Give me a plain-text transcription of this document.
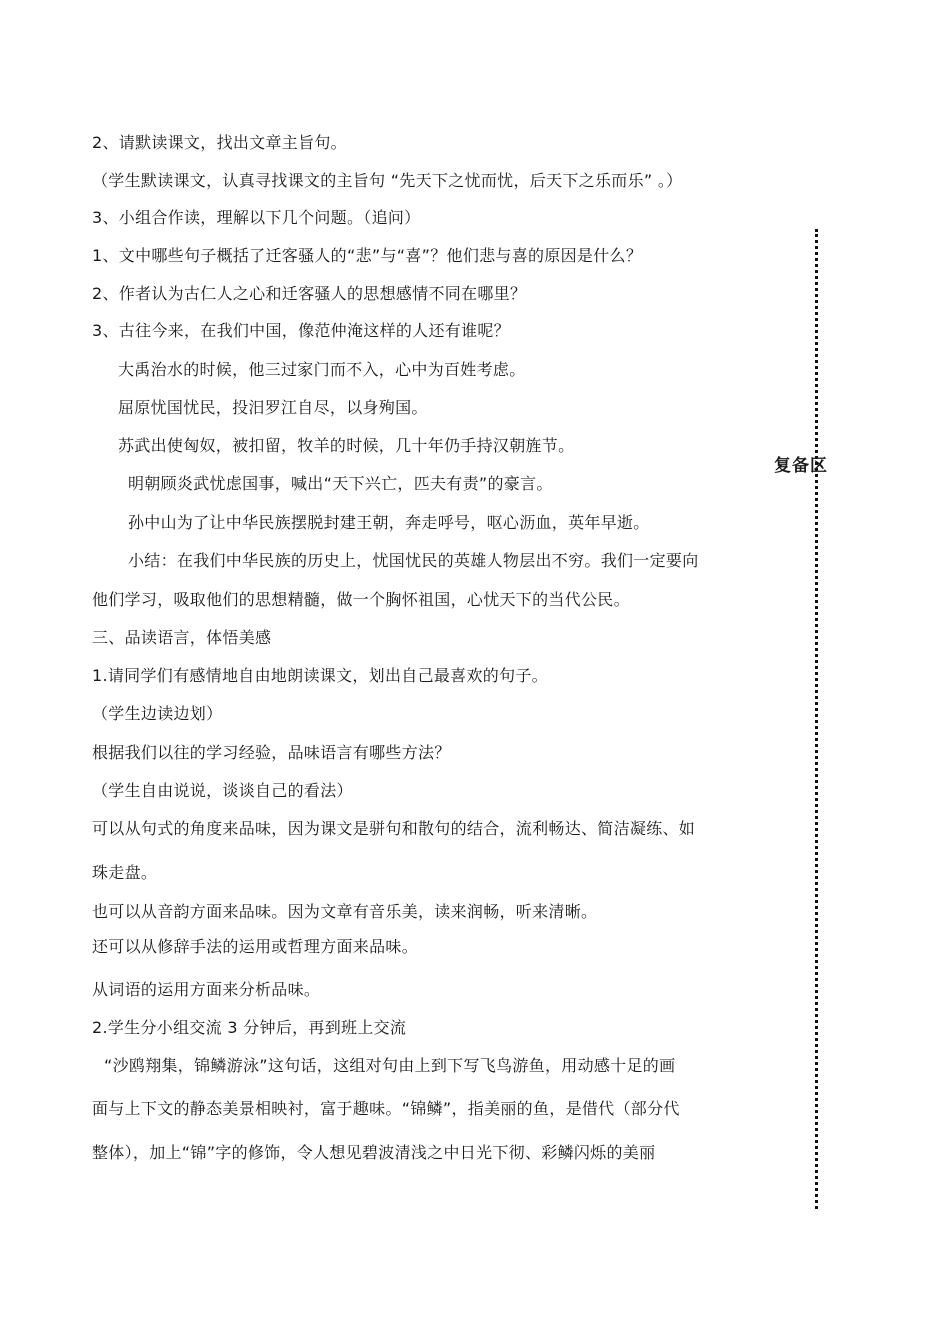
2、请默读课文，找出文章主旨句。
（学生默读课文，认真寻找课文的主旨句 “先天下之忧而忧，后天下之乐而乐” 。）
3、小组合作读，理解以下几个问题。（追问）
1、文中哪些句子概括了迁客骚人的“悲”与“喜”？他们悲与喜的原因是什么？
2、作者认为古仁人之心和迁客骚人的思想感情不同在哪里？
3、古往今来，在我们中国，像范仲淹这样的人还有谁呢？
大禹治水的时候，他三过家门而不入，心中为百姓考虑。
屈原忧国忧民，投汨罗江自尽，以身殉国。
苏武出使匈奴，被扣留，牧羊的时候，几十年仍手持汉朝旌节。
明朝顾炎武忧虑国事，喊出“天下兴亡，匹夫有责”的豪言。
孙中山为了让中华民族摆脱封建王朝，奔走呼号，呕心沥血，英年早逝。
小结：在我们中华民族的历史上，忧国忧民的英雄人物层出不穷。我们一定要向
他们学习，吸取他们的思想精髓，做一个胸怀祖国，心忧天下的当代公民。
三、品读语言，体悟美感
1.请同学们有感情地自由地朗读课文，划出自己最喜欢的句子。
（学生边读边划）
根据我们以往的学习经验，品味语言有哪些方法？
（学生自由说说，谈谈自己的看法）
可以从句式的角度来品味，因为课文是骈句和散句的结合，流利畅达、简洁凝练、如
珠走盘。
也可以从音韵方面来品味。因为文章有音乐美，读来润畅，听来清晰。
还可以从修辞手法的运用或哲理方面来品味。
从词语的运用方面来分析品味。
2.学生分小组交流 3 分钟后，再到班上交流
“沙鸥翔集，锦鳞游泳”这句话，这组对句由上到下写飞鸟游鱼，用动感十足的画
面与上下文的静态美景相映衬，富于趣味。“锦鳞”，指美丽的鱼，是借代（部分代
整体），加上“锦”字的修饰，令人想见碧波清浅之中日光下彻、彩鳞闪烁的美丽
复备区
